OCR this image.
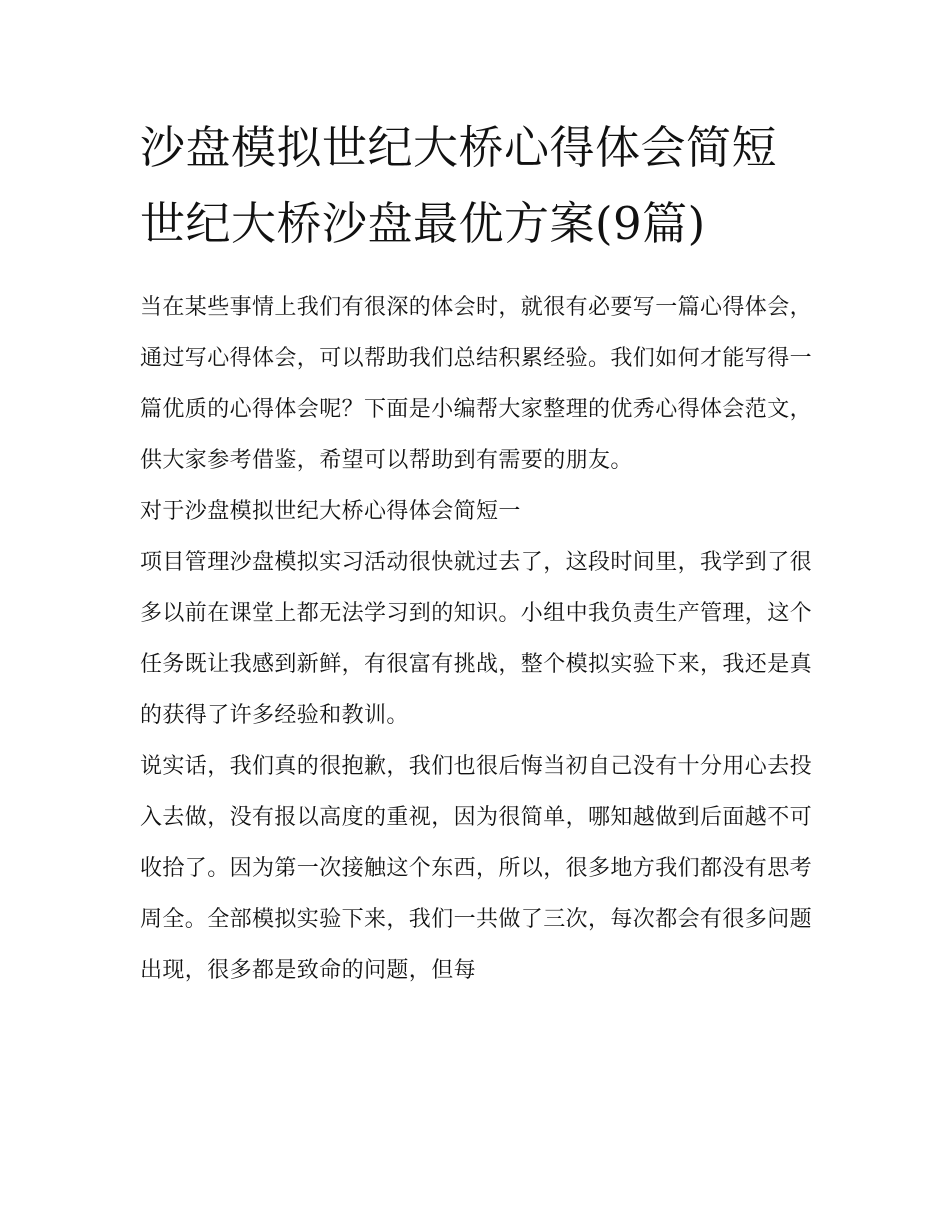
沙盘模拟世纪大桥心得体会简短 世纪大桥沙盘最优方案(9篇)

当在某些事情上我们有很深的体会时，就很有必要写一篇心得体会，通过写心得体会，可以帮助我们总结积累经验。我们如何才能写得一篇优质的心得体会呢？下面是小编帮大家整理的优秀心得体会范文，供大家参考借鉴，希望可以帮助到有需要的朋友。

对于沙盘模拟世纪大桥心得体会简短一

项目管理沙盘模拟实习活动很快就过去了，这段时间里，我学到了很多以前在课堂上都无法学习到的知识。小组中我负责生产管理，这个任务既让我感到新鲜，有很富有挑战，整个模拟实验下来，我还是真的获得了许多经验和教训。

说实话，我们真的很抱歉，我们也很后悔当初自己没有十分用心去投入去做，没有报以高度的重视，因为很简单，哪知越做到后面越不可收拾了。因为第一次接触这个东西，所以，很多地方我们都没有思考周全。全部模拟实验下来，我们一共做了三次，每次都会有很多问题出现，很多都是致命的问题，但每
